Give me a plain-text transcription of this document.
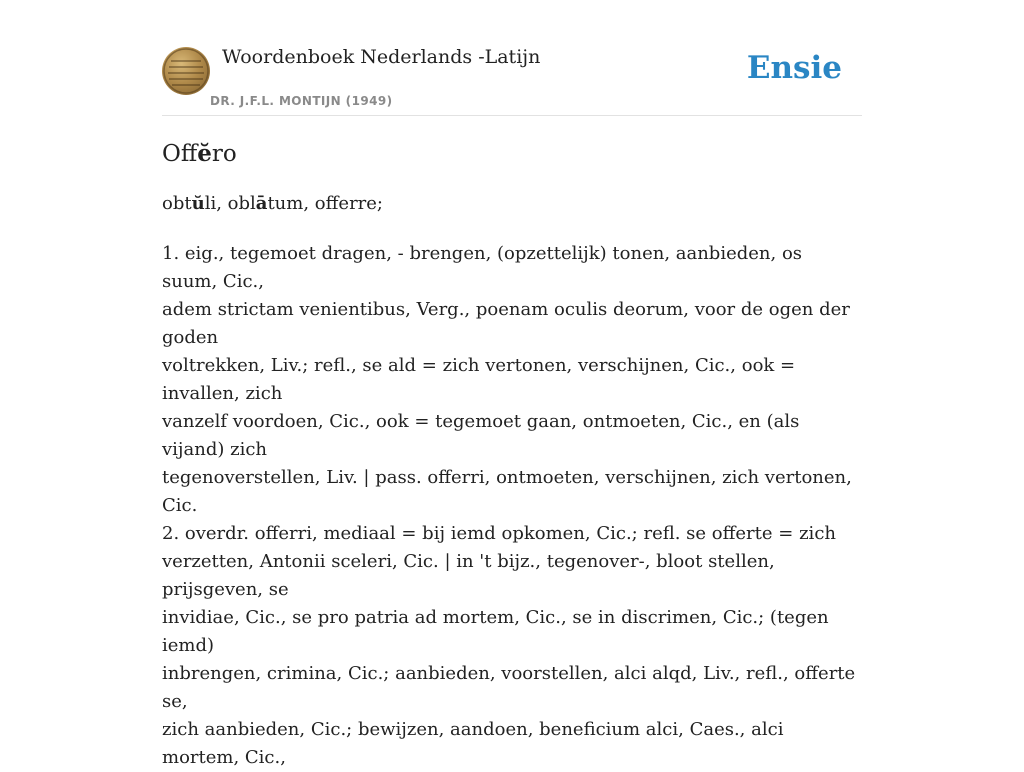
Woordenboek Nederlands -Latijn
DR. J.F.L. MONTIJN (1949)
Ensie
Offĕro

obtŭli, oblātum, offerre;

1. eig., tegemoet dragen, - brengen, (opzettelijk) tonen, aanbieden, os suum, Cic.,
adem strictam venientibus, Verg., poenam oculis deorum, voor de ogen der goden
voltrekken, Liv.; refl., se ald = zich vertonen, verschijnen, Cic., ook = invallen, zich
vanzelf voordoen, Cic., ook = tegemoet gaan, ontmoeten, Cic., en (als vijand) zich
tegenoverstellen, Liv. | pass. offerri, ontmoeten, verschijnen, zich vertonen, Cic.
2. overdr. offerri, mediaal = bij iemd opkomen, Cic.; refl. se offerte = zich
verzetten, Antonii sceleri, Cic. | in 't bijz., tegenover-, bloot stellen, prijsgeven, se
invidiae, Cic., se pro patria ad mortem, Cic., se in discrimen, Cic.; (tegen iemd)
inbrengen, crimina, Cic.; aanbieden, voorstellen, alci alqd, Liv., refl., offerte se,
zich aanbieden, Cic.; bewijzen, aandoen, beneficium alci, Caes., alci mortem, Cic.,
